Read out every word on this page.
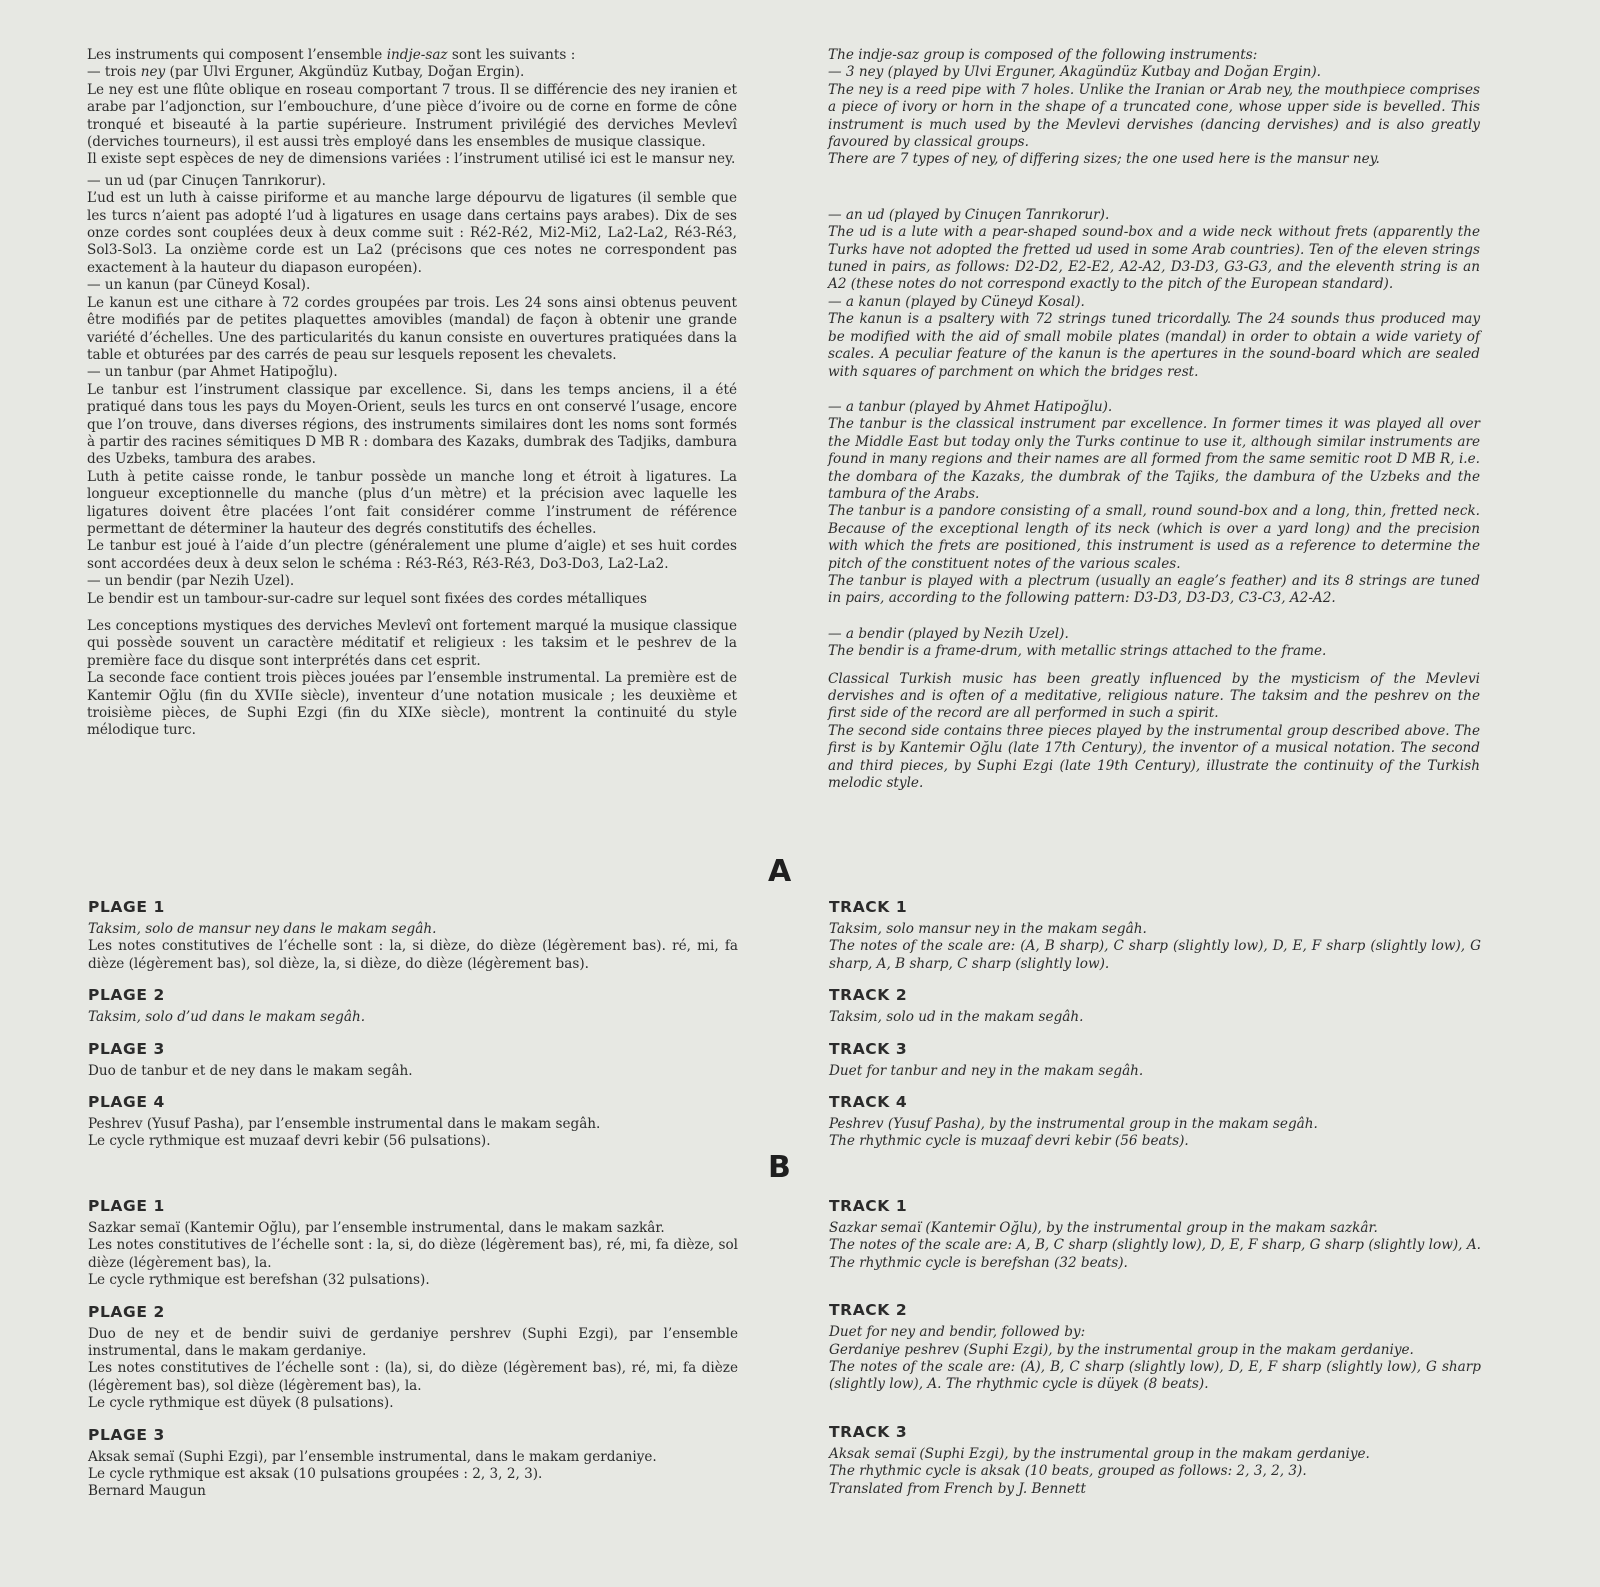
Les instruments qui composent l’ensemble indje-saz sont les suivants :

— trois ney (par Ulvi Erguner, Akgündüz Kutbay, Doğan Ergin).

Le ney est une flûte oblique en roseau comportant 7 trous. Il se différencie des ney iranien et arabe par l’adjonction, sur l’embouchure, d’une pièce d’ivoire ou de corne en forme de cône tronqué et biseauté à la partie supérieure. Instrument privilégié des derviches Mevlevî (derviches tourneurs), il est aussi très employé dans les ensembles de musique classique.

Il existe sept espèces de ney de dimensions variées : l’instrument utilisé ici est le mansur ney.

— un ud (par Cinuçen Tanrıkorur).

L’ud est un luth à caisse piriforme et au manche large dépourvu de ligatures (il semble que les turcs n’aient pas adopté l’ud à ligatures en usage dans certains pays arabes). Dix de ses onze cordes sont couplées deux à deux comme suit : Ré2-Ré2, Mi2-Mi2, La2-La2, Ré3-Ré3, Sol3-Sol3. La onzième corde est un La2 (précisons que ces notes ne correspondent pas exactement à la hauteur du diapason européen).

— un kanun (par Cüneyd Kosal).

Le kanun est une cithare à 72 cordes groupées par trois. Les 24 sons ainsi obtenus peuvent être modifiés par de petites plaquettes amovibles (mandal) de façon à obtenir une grande variété d’échelles. Une des particularités du kanun consiste en ouvertures pratiquées dans la table et obturées par des carrés de peau sur lesquels reposent les chevalets.

— un tanbur (par Ahmet Hatipoğlu).

Le tanbur est l’instrument classique par excellence. Si, dans les temps anciens, il a été pratiqué dans tous les pays du Moyen-Orient, seuls les turcs en ont conservé l’usage, encore que l’on trouve, dans diverses régions, des instruments similaires dont les noms sont formés à partir des racines sémitiques D MB R : dombara des Kazaks, dumbrak des Tadjiks, dambura des Uzbeks, tambura des arabes.

Luth à petite caisse ronde, le tanbur possède un manche long et étroit à ligatures. La longueur exceptionnelle du manche (plus d’un mètre) et la précision avec laquelle les ligatures doivent être placées l’ont fait considérer comme l’instrument de référence permettant de déterminer la hauteur des degrés constitutifs des échelles.

Le tanbur est joué à l’aide d’un plectre (généralement une plume d’aigle) et ses huit cordes sont accordées deux à deux selon le schéma : Ré3-Ré3, Ré3-Ré3, Do3-Do3, La2-La2.

— un bendir (par Nezih Uzel).

Le bendir est un tambour-sur-cadre sur lequel sont fixées des cordes métalliques

Les conceptions mystiques des derviches Mevlevî ont fortement marqué la musique classique qui possède souvent un caractère méditatif et religieux : les taksim et le peshrev de la première face du disque sont interprétés dans cet esprit.

La seconde face contient trois pièces jouées par l’ensemble instrumental. La première est de Kantemir Oğlu (fin du XVIIe siècle), inventeur d’une notation musicale ; les deuxième et troisième pièces, de Suphi Ezgi (fin du XIXe siècle), montrent la continuité du style mélodique turc.

The indje-saz group is composed of the following instruments:

— 3 ney (played by Ulvi Erguner, Akagündüz Kutbay and Doğan Ergin).

The ney is a reed pipe with 7 holes. Unlike the Iranian or Arab ney, the mouthpiece comprises a piece of ivory or horn in the shape of a truncated cone, whose upper side is bevelled. This instrument is much used by the Mevlevi dervishes (dancing dervishes) and is also greatly favoured by classical groups.

There are 7 types of ney, of differing sizes; the one used here is the mansur ney.

— an ud (played by Cinuçen Tanrıkorur).

The ud is a lute with a pear-shaped sound-box and a wide neck without frets (apparently the Turks have not adopted the fretted ud used in some Arab countries). Ten of the eleven strings tuned in pairs, as follows: D2-D2, E2-E2, A2-A2, D3-D3, G3-G3, and the eleventh string is an A2 (these notes do not correspond exactly to the pitch of the European standard).

— a kanun (played by Cüneyd Kosal).

The kanun is a psaltery with 72 strings tuned tricordally. The 24 sounds thus produced may be modified with the aid of small mobile plates (mandal) in order to obtain a wide variety of scales. A peculiar feature of the kanun is the apertures in the sound-board which are sealed with squares of parchment on which the bridges rest.

— a tanbur (played by Ahmet Hatipoğlu).

The tanbur is the classical instrument par excellence. In former times it was played all over the Middle East but today only the Turks continue to use it, although similar instruments are found in many regions and their names are all formed from the same semitic root D MB R, i.e. the dombara of the Kazaks, the dumbrak of the Tajiks, the dambura of the Uzbeks and the tambura of the Arabs.

The tanbur is a pandore consisting of a small, round sound-box and a long, thin, fretted neck. Because of the exceptional length of its neck (which is over a yard long) and the precision with which the frets are positioned, this instrument is used as a reference to determine the pitch of the constituent notes of the various scales.

The tanbur is played with a plectrum (usually an eagle’s feather) and its 8 strings are tuned in pairs, according to the following pattern: D3-D3, D3-D3, C3-C3, A2-A2.

— a bendir (played by Nezih Uzel).

The bendir is a frame-drum, with metallic strings attached to the frame.

Classical Turkish music has been greatly influenced by the mysticism of the Mevlevi dervishes and is often of a meditative, religious nature. The taksim and the peshrev on the first side of the record are all performed in such a spirit.

The second side contains three pieces played by the instrumental group described above. The first is by Kantemir Oğlu (late 17th Century), the inventor of a musical notation. The second and third pieces, by Suphi Ezgi (late 19th Century), illustrate the continuity of the Turkish melodic style.

A
PLAGE 1

Taksim, solo de mansur ney dans le makam segâh.

Les notes constitutives de l’échelle sont : la, si dièze, do dièze (légèrement bas). ré, mi, fa dièze (légèrement bas), sol dièze, la, si dièze, do dièze (légèrement bas).

PLAGE 2

Taksim, solo d’ud dans le makam segâh.

PLAGE 3

Duo de tanbur et de ney dans le makam segâh.

PLAGE 4

Peshrev (Yusuf Pasha), par l’ensemble instrumental dans le makam segâh.

Le cycle rythmique est muzaaf devri kebir (56 pulsations).

TRACK 1

Taksim, solo mansur ney in the makam segâh.

The notes of the scale are: (A, B sharp), C sharp (slightly low), D, E, F sharp (slightly low), G sharp, A, B sharp, C sharp (slightly low).

TRACK 2

Taksim, solo ud in the makam segâh.

TRACK 3

Duet for tanbur and ney in the makam segâh.

TRACK 4

Peshrev (Yusuf Pasha), by the instrumental group in the makam segâh.

The rhythmic cycle is muzaaf devri kebir (56 beats).

B
PLAGE 1

Sazkar semaï (Kantemir Oğlu), par l’ensemble instrumental, dans le makam sazkâr.

Les notes constitutives de l’échelle sont : la, si, do dièze (légèrement bas), ré, mi, fa dièze, sol dièze (légèrement bas), la.

Le cycle rythmique est berefshan (32 pulsations).

PLAGE 2

Duo de ney et de bendir suivi de gerdaniye pershrev (Suphi Ezgi), par l’ensemble instrumental, dans le makam gerdaniye.

Les notes constitutives de l’échelle sont : (la), si, do dièze (légèrement bas), ré, mi, fa dièze (légèrement bas), sol dièze (légèrement bas), la.

Le cycle rythmique est düyek (8 pulsations).

PLAGE 3

Aksak semaï (Suphi Ezgi), par l’ensemble instrumental, dans le makam gerdaniye.

Le cycle rythmique est aksak (10 pulsations groupées : 2, 3, 2, 3).

Bernard Maugun

TRACK 1

Sazkar semaï (Kantemir Oğlu), by the instrumental group in the makam sazkâr.

The notes of the scale are: A, B, C sharp (slightly low), D, E, F sharp, G sharp (slightly low), A. The rhythmic cycle is berefshan (32 beats).

TRACK 2

Duet for ney and bendir, followed by:

Gerdaniye peshrev (Suphi Ezgi), by the instrumental group in the makam gerdaniye.

The notes of the scale are: (A), B, C sharp (slightly low), D, E, F sharp (slightly low), G sharp (slightly low), A. The rhythmic cycle is düyek (8 beats).

TRACK 3

Aksak semaï (Suphi Ezgi), by the instrumental group in the makam gerdaniye.

The rhythmic cycle is aksak (10 beats, grouped as follows: 2, 3, 2, 3).

Translated from French by J. Bennett
